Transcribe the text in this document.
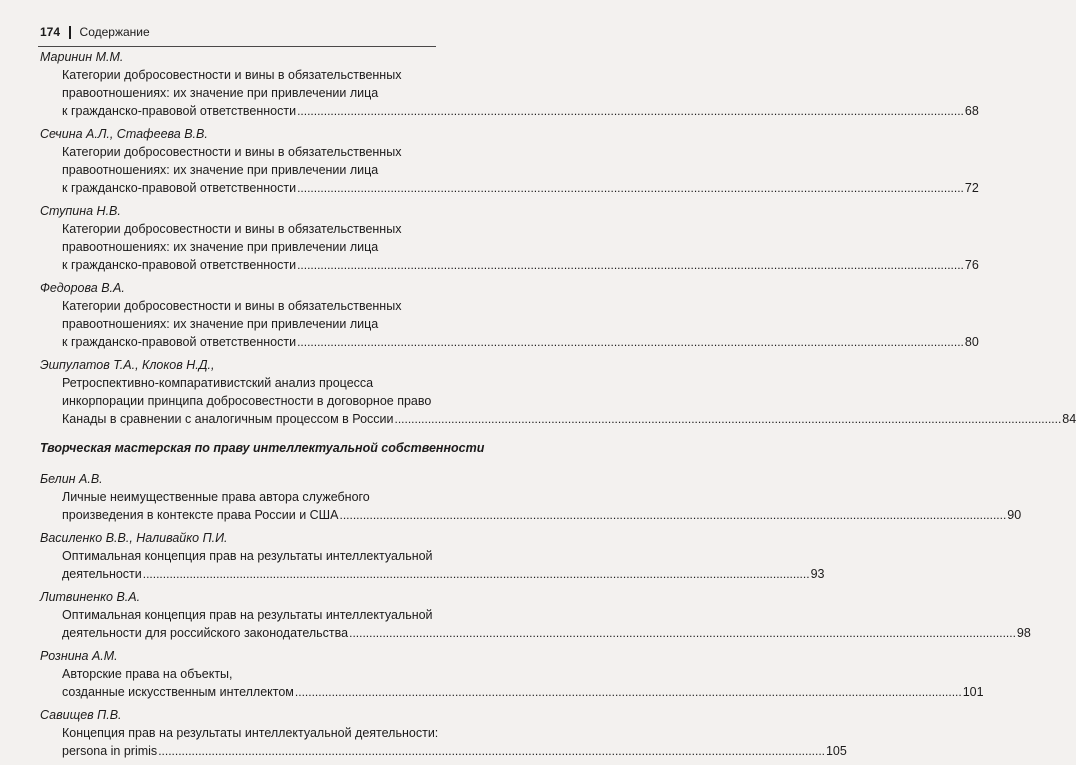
174 Содержание
Маринин М.М.
Категории добросовестности и вины в обязательственных
правоотношениях: их значение при привлечении лица
к гражданско-правовой ответственности ........................................................................................................................................................................................................ 68
Сечина А.Л., Стафеева В.В.
Категории добросовестности и вины в обязательственных
правоотношениях: их значение при привлечении лица
к гражданско-правовой ответственности ........................................................................................................................................................................................................ 72
Ступина Н.В.
Категории добросовестности и вины в обязательственных
правоотношениях: их значение при привлечении лица
к гражданско-правовой ответственности ........................................................................................................................................................................................................ 76
Федорова В.А.
Категории добросовестности и вины в обязательственных
правоотношениях: их значение при привлечении лица
к гражданско-правовой ответственности ........................................................................................................................................................................................................ 80
Эшпулатов Т.А., Клоков Н.Д.,
Ретроспективно-компаративистский анализ процесса
инкорпорации принципа добросовестности в договорное право
Канады в сравнении с аналогичным процессом в России ........................................................................................................................................................................................................ 84
Творческая мастерская по праву интеллектуальной собственности
Белин А.В.
Личные неимущественные права автора служебного
произведения в контексте права России и США ........................................................................................................................................................................................................ 90
Василенко В.В., Наливайко П.И.
Оптимальная концепция прав на результаты интеллектуальной
деятельности ........................................................................................................................................................................................................ 93
Литвиненко В.А.
Оптимальная концепция прав на результаты интеллектуальной
деятельности для российского законодательства ........................................................................................................................................................................................................ 98
Рознина А.М.
Авторские права на объекты,
созданные искусственным интеллектом ........................................................................................................................................................................................................ 101
Савищев П.В.
Концепция прав на результаты интеллектуальной деятельности:
persona in primis ........................................................................................................................................................................................................ 105
